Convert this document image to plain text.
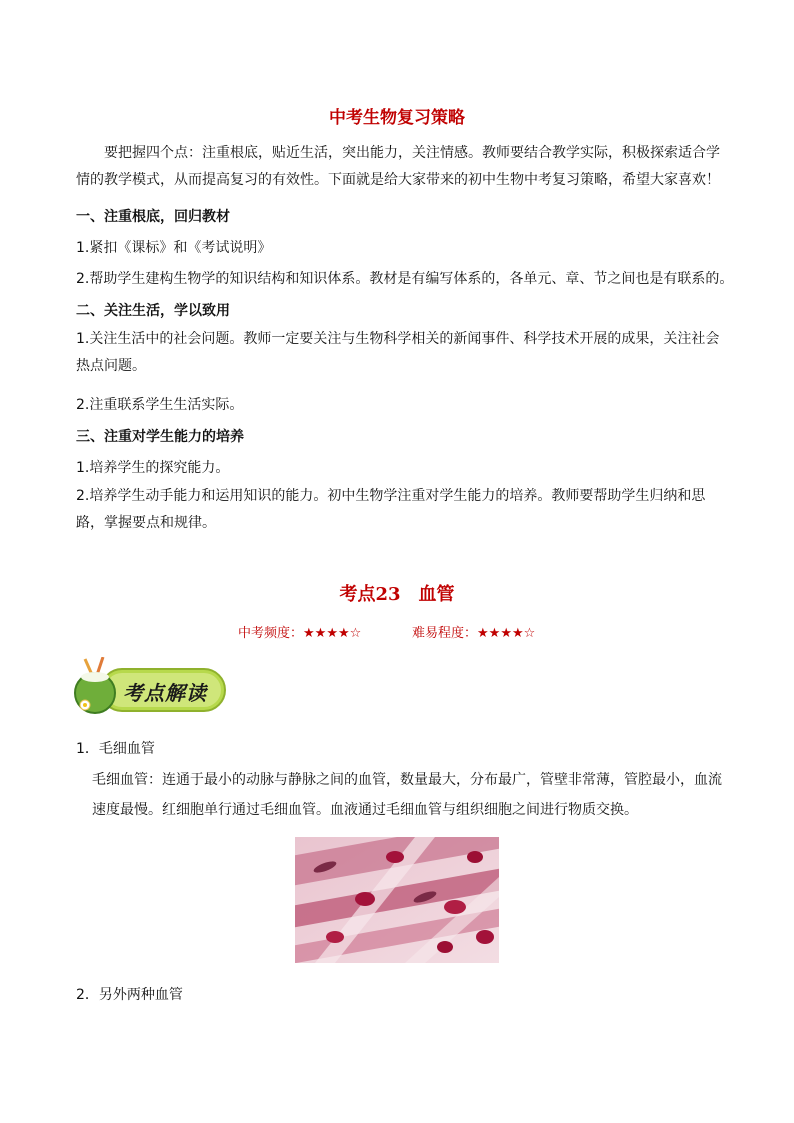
中考生物复习策略
要把握四个点：注重根底，贴近生活，突出能力，关注情感。教师要结合教学实际，积极探索适合学情的教学模式，从而提高复习的有效性。下面就是给大家带来的初中生物中考复习策略，希望大家喜欢！
一、注重根底，回归教材
1.紧扣《课标》和《考试说明》
2.帮助学生建构生物学的知识结构和知识体系。教材是有编写体系的，各单元、章、节之间也是有联系的。
二、关注生活，学以致用
1.关注生活中的社会问题。教师一定要关注与生物科学相关的新闻事件、科学技术开展的成果，关注社会热点问题。
2.注重联系学生生活实际。
三、注重对学生能力的培养
1.培养学生的探究能力。
2.培养学生动手能力和运用知识的能力。初中生物学注重对学生能力的培养。教师要帮助学生归纳和思路，掌握要点和规律。
考点23　血管
中考频度：★★★★☆	难易程度：★★★★☆
考点解读
1．毛细血管
毛细血管：连通于最小的动脉与静脉之间的血管，数量最大，分布最广，管壁非常薄，管腔最小，血流速度最慢。红细胞单行通过毛细血管。血液通过毛细血管与组织细胞之间进行物质交换。
2．另外两种血管
